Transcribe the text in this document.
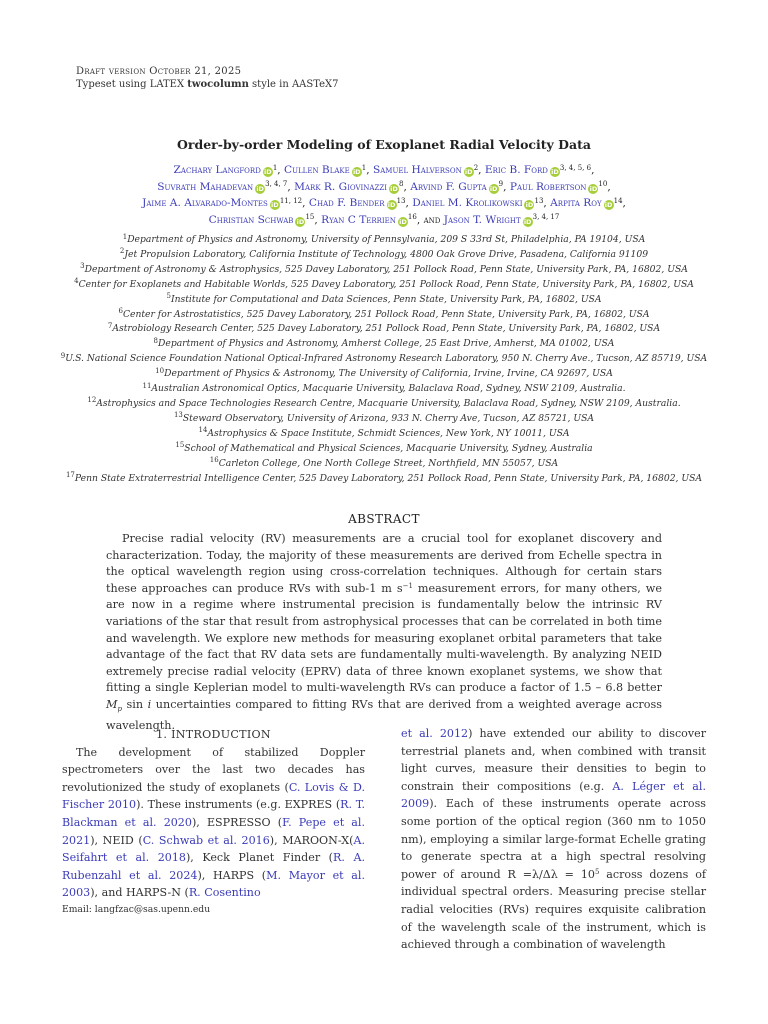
Draft version October 21, 2025
Typeset using LATEX twocolumn style in AASTeX7
Order-by-order Modeling of Exoplanet Radial Velocity Data
Zachary Langford $iD^1$, Cullen Blake $iD^1$, Samuel Halverson $iD^2$, Eric B. Ford iD$^{3, 4, 5, 6}$,
Suvrath Mahadevan iD$^{3, 4, 7}$, Mark R. Giovinazzi $iD^8$, Arvind F. Gupta $iD^9$, Paul Robertson $iD^{10}$,
Jaime A. Alvarado-Montes iD$^{11, 12}$, Chad F. Bender $iD^{13}$, Daniel M. Krolikowski $iD^{13}$, Arpita Roy $iD^{14}$,
Christian Schwab $iD^{15}$, Ryan C Terrien $iD^{16}$, and Jason T. Wright iD$^{3, 4, 17}$
$^1$Department of Physics and Astronomy, University of Pennsylvania, 209 S 33rd St, Philadelphia, PA 19104, USA
$^2$Jet Propulsion Laboratory, California Institute of Technology, 4800 Oak Grove Drive, Pasadena, California 91109
$^3$Department of Astronomy & Astrophysics, 525 Davey Laboratory, 251 Pollock Road, Penn State, University Park, PA, 16802, USA
$^4$Center for Exoplanets and Habitable Worlds, 525 Davey Laboratory, 251 Pollock Road, Penn State, University Park, PA, 16802, USA
$^5$Institute for Computational and Data Sciences, Penn State, University Park, PA, 16802, USA
$^6$Center for Astrostatistics, 525 Davey Laboratory, 251 Pollock Road, Penn State, University Park, PA, 16802, USA
$^7$Astrobiology Research Center, 525 Davey Laboratory, 251 Pollock Road, Penn State, University Park, PA, 16802, USA
$^8$Department of Physics and Astronomy, Amherst College, 25 East Drive, Amherst, MA 01002, USA
$^9$U.S. National Science Foundation National Optical-Infrared Astronomy Research Laboratory, 950 N. Cherry Ave., Tucson, AZ 85719, USA
$^{10}$Department of Physics & Astronomy, The University of California, Irvine, Irvine, CA 92697, USA
$^{11}$Australian Astronomical Optics, Macquarie University, Balaclava Road, Sydney, NSW 2109, Australia.
$^{12}$Astrophysics and Space Technologies Research Centre, Macquarie University, Balaclava Road, Sydney, NSW 2109, Australia.
$^{13}$Steward Observatory, University of Arizona, 933 N. Cherry Ave, Tucson, AZ 85721, USA
$^{14}$Astrophysics & Space Institute, Schmidt Sciences, New York, NY 10011, USA
$^{15}$School of Mathematical and Physical Sciences, Macquarie University, Sydney, Australia
$^{16}$Carleton College, One North College Street, Northfield, MN 55057, USA
$^{17}$Penn State Extraterrestrial Intelligence Center, 525 Davey Laboratory, 251 Pollock Road, Penn State, University Park, PA, 16802, USA
ABSTRACT
Precise radial velocity (RV) measurements are a crucial tool for exoplanet discovery and characterization. Today, the majority of these measurements are derived from Echelle spectra in the optical wavelength region using cross-correlation techniques. Although for certain stars these approaches can produce RVs with sub-1 m $s^{-1}$ measurement errors, for many others, we are now in a regime where instrumental precision is fundamentally below the intrinsic RV variations of the star that result from astrophysical processes that can be correlated in both time and wavelength. We explore new methods for measuring exoplanet orbital parameters that take advantage of the fact that RV data sets are fundamentally multi-wavelength. By analyzing NEID extremely precise radial velocity (EPRV) data of three known exoplanet systems, we show that fitting a single Keplerian model to multi-wavelength RVs can produce a factor of 1.5 – 6.8 better $M_p$ sin i uncertainties compared to fitting RVs that are derived from a weighted average across wavelength.
1. INTRODUCTION

The development of stabilized Doppler spectrometers over the last two decades has revolutionized the study of exoplanets (C. Lovis & D. Fischer 2010). These instruments (e.g. EXPRES (R. T. Blackman et al. 2020), ESPRESSO (F. Pepe et al. 2021), NEID (C. Schwab et al. 2016), MAROON-X(A. Seifahrt et al. 2018), Keck Planet Finder (R. A. Rubenzahl et al. 2024), HARPS (M. Mayor et al. 2003), and HARPS-N (R. Cosentino

et al. 2012) have extended our ability to discover terrestrial planets and, when combined with transit light curves, measure their densities to begin to constrain their compositions (e.g. A. Léger et al. 2009). Each of these instruments operate across some portion of the optical region (360 nm to 1050 nm), employing a similar large-format Echelle grating to generate spectra at a high spectral resolving power of around $R =\lambda/\Delta\lambda = 10^5$ across dozens of individual spectral orders. Measuring precise stellar radial velocities (RVs) requires exquisite calibration of the wavelength scale of the instrument, which is achieved through a combination of wavelength

Email: langfzac@sas.upenn.edu
